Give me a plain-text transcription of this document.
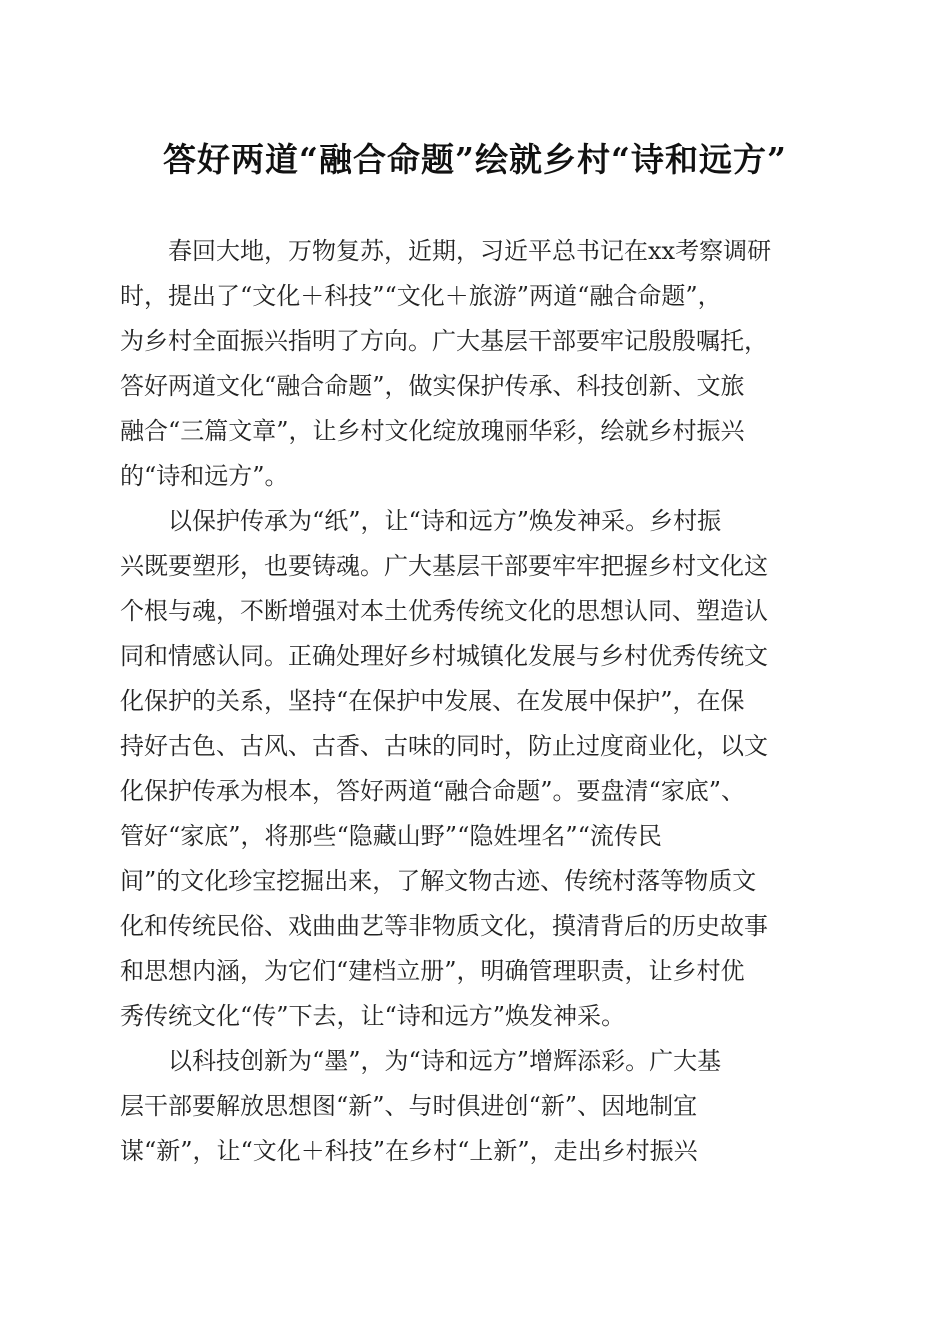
答好两道“融合命题”绘就乡村“诗和远方”
春回大地，万物复苏，近期，习近平总书记在xx考察调研
时，提出了“文化＋科技”“文化＋旅游”两道“融合命题”，
为乡村全面振兴指明了方向。广大基层干部要牢记殷殷嘱托，
答好两道文化“融合命题”，做实保护传承、科技创新、文旅
融合“三篇文章”，让乡村文化绽放瑰丽华彩，绘就乡村振兴
的“诗和远方”。
以保护传承为“纸”，让“诗和远方”焕发神采。乡村振
兴既要塑形，也要铸魂。广大基层干部要牢牢把握乡村文化这
个根与魂，不断增强对本土优秀传统文化的思想认同、塑造认
同和情感认同。正确处理好乡村城镇化发展与乡村优秀传统文
化保护的关系，坚持“在保护中发展、在发展中保护”，在保
持好古色、古风、古香、古味的同时，防止过度商业化，以文
化保护传承为根本，答好两道“融合命题”。要盘清“家底”、
管好“家底”，将那些“隐藏山野”“隐姓埋名”“流传民
间”的文化珍宝挖掘出来，了解文物古迹、传统村落等物质文
化和传统民俗、戏曲曲艺等非物质文化，摸清背后的历史故事
和思想内涵，为它们“建档立册”，明确管理职责，让乡村优
秀传统文化“传”下去，让“诗和远方”焕发神采。
以科技创新为“墨”，为“诗和远方”增辉添彩。广大基
层干部要解放思想图“新”、与时俱进创“新”、因地制宜
谋“新”，让“文化＋科技”在乡村“上新”，走出乡村振兴
